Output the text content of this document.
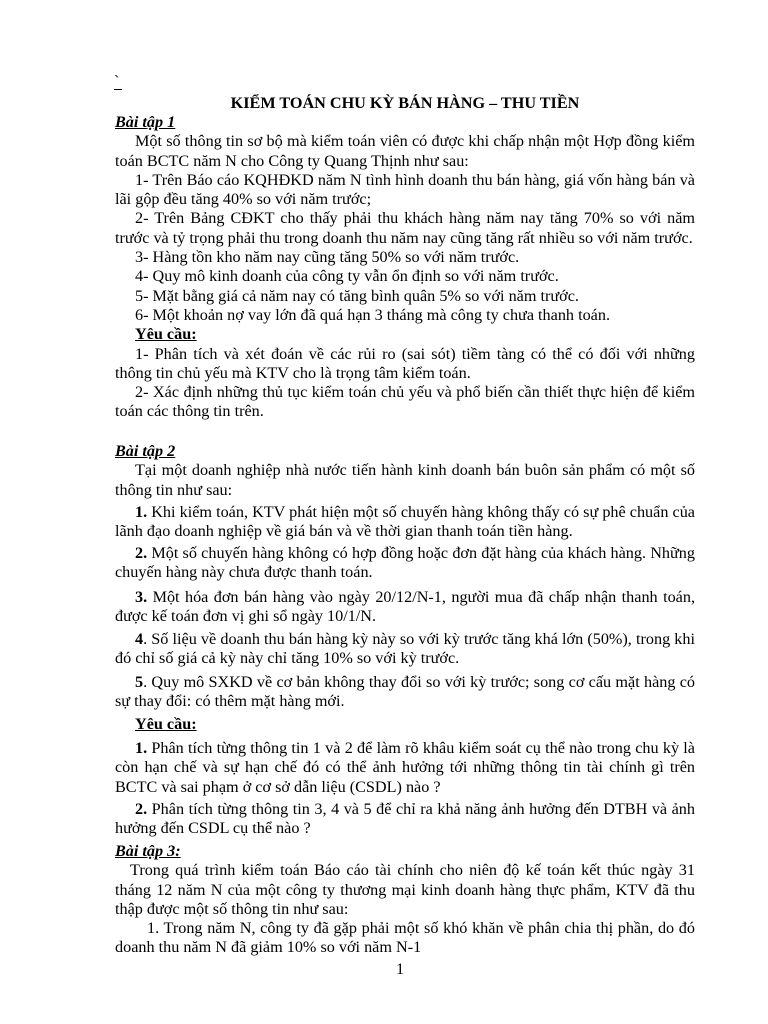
`
KIỂM TOÁN CHU KỲ BÁN HÀNG – THU TIỀN

Bài tập 1

Một số thông tin sơ bộ mà kiểm toán viên có được khi chấp nhận một Hợp đồng kiểm toán BCTC năm N cho Công ty Quang Thịnh như sau:

1- Trên Báo cáo KQHĐKD năm N tình hình doanh thu bán hàng, giá vốn hàng bán và lãi gộp đều tăng 40% so với năm trước;

2- Trên Bảng CĐKT cho thấy phải thu khách hàng năm nay tăng 70% so với năm trước và tỷ trọng phải thu trong doanh thu năm nay cũng tăng rất nhiều so với năm trước.

3- Hàng tồn kho năm nay cũng tăng 50% so với năm trước.

4- Quy mô kinh doanh của công ty vẫn ổn định so với năm trước.

5- Mặt bằng giá cả năm nay có tăng bình quân 5% so với năm trước.

6- Một khoản nợ vay lớn đã quá hạn 3 tháng mà công ty chưa thanh toán.

Yêu cầu:

1- Phân tích và xét đoán về các rủi ro (sai sót) tiềm tàng có thể có đối với những thông tin chủ yếu mà KTV cho là trọng tâm kiểm toán.

2- Xác định những thủ tục kiểm toán chủ yếu và phổ biến cần thiết thực hiện để kiểm toán các thông tin trên.

Bài tập 2

Tại một doanh nghiệp nhà nước tiến hành kinh doanh bán buôn sản phẩm có một số thông tin như sau:

1. Khi kiểm toán, KTV phát hiện một số chuyến hàng không thấy có sự phê chuẩn của lãnh đạo doanh nghiệp về giá bán và về thời gian thanh toán tiền hàng.

2. Một số chuyến hàng không có hợp đồng hoặc đơn đặt hàng của khách hàng. Những chuyến hàng này chưa được thanh toán.

3. Một hóa đơn bán hàng vào ngày 20/12/N-1, người mua đã chấp nhận thanh toán, được kế toán đơn vị ghi sổ ngày 10/1/N.

4. Số liệu về doanh thu bán hàng kỳ này so với kỳ trước tăng khá lớn (50%), trong khi đó chỉ số giá cả kỳ này chỉ tăng 10% so với kỳ trước.

5. Quy mô SXKD về cơ bản không thay đổi so với kỳ trước; song cơ cấu mặt hàng có sự thay đổi: có thêm mặt hàng mới.

Yêu cầu:

1. Phân tích từng thông tin 1 và 2 để làm rõ khâu kiểm soát cụ thể nào trong chu kỳ là còn hạn chế và sự hạn chế đó có thể ảnh hưởng tới những thông tin tài chính gì trên BCTC và sai phạm ở cơ sở dẫn liệu (CSDL) nào ?

2. Phân tích từng thông tin 3, 4 và 5 để chỉ ra khả năng ảnh hưởng đến DTBH và ảnh hưởng đến CSDL cụ thể nào ?

Bài tập 3:

Trong quá trình kiểm toán Báo cáo tài chính cho niên độ kế toán kết thúc ngày 31 tháng 12 năm N của một công ty thương mại kinh doanh hàng thực phẩm, KTV đã thu thập được một số thông tin như sau:

1. Trong năm N, công ty đã gặp phải một số khó khăn về phân chia thị phần, do đó doanh thu năm N đã giảm 10% so với năm N-1

1
